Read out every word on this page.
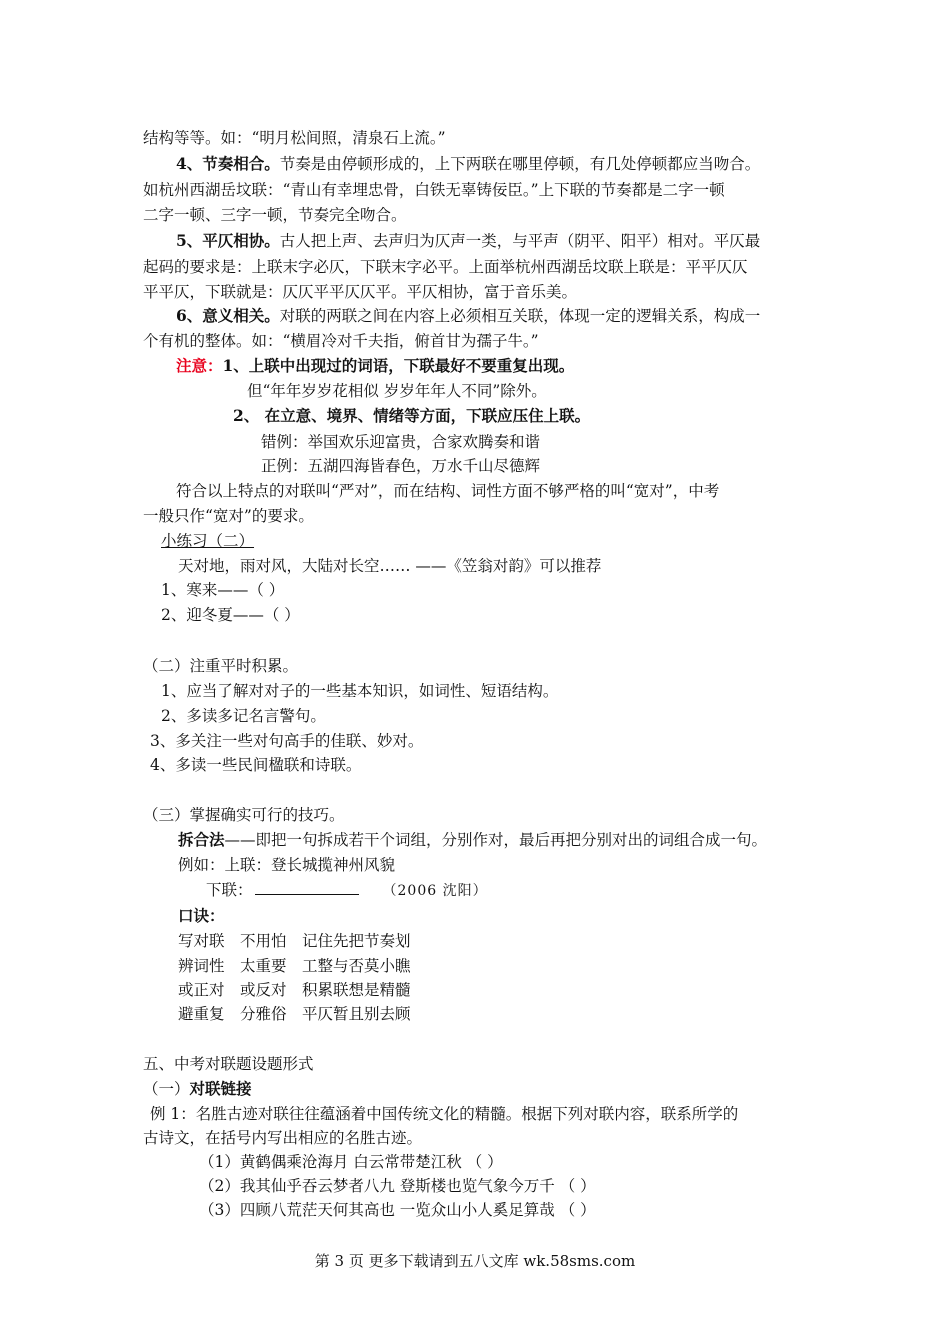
结构等等。如：“明月松间照，清泉石上流。”
4、节奏相合。节奏是由停顿形成的，上下两联在哪里停顿，有几处停顿都应当吻合。
如杭州西湖岳坟联：“青山有幸埋忠骨，白铁无辜铸佞臣。”上下联的节奏都是二字一顿
二字一顿、三字一顿，节奏完全吻合。
5、平仄相协。古人把上声、去声归为仄声一类，与平声（阴平、阳平）相对。平仄最
起码的要求是：上联末字必仄，下联末字必平。上面举杭州西湖岳坟联上联是：平平仄仄
平平仄，下联就是：仄仄平平仄仄平。平仄相协，富于音乐美。
6、意义相关。对联的两联之间在内容上必须相互关联，体现一定的逻辑关系，构成一
个有机的整体。如：“横眉冷对千夫指，俯首甘为孺子牛。”
注意：1、上联中出现过的词语，下联最好不要重复出现。
但“年年岁岁花相似 岁岁年年人不同”除外。
2、 在立意、境界、情绪等方面，下联应压住上联。
错例：举国欢乐迎富贵，合家欢腾奏和谐
正例：五湖四海皆春色，万水千山尽德辉
符合以上特点的对联叫“严对”，而在结构、词性方面不够严格的叫“宽对”，中考
一般只作“宽对”的要求。
小练习（二）
天对地，雨对风，大陆对长空…… ——《笠翁对韵》可以推荐
1、寒来——（ ）
2、迎冬夏——（ ）
（二）注重平时积累。
1、应当了解对对子的一些基本知识，如词性、短语结构。
2、多读多记名言警句。
3、多关注一些对句高手的佳联、妙对。
4、多读一些民间楹联和诗联。
（三）掌握确实可行的技巧。
拆合法——即把一句拆成若干个词组，分别作对，最后再把分别对出的词组合成一句。
例如：上联：登长城揽神州风貌
下联：	（2006 沈阳）
口诀：
写对联　不用怕　记住先把节奏划
辨词性　太重要　工整与否莫小瞧
或正对　或反对　积累联想是精髓
避重复　分雅俗　平仄暂且别去顾
五、中考对联题设题形式
（一）对联链接
例 1：名胜古迹对联往往蕴涵着中国传统文化的精髓。根据下列对联内容，联系所学的
古诗文，在括号内写出相应的名胜古迹。
（1）黄鹤偶乘沧海月 白云常带楚江秋 （ ）
（2）我其仙乎吞云梦者八九 登斯楼也览气象今万千 （ ）
（3）四顾八荒茫天何其高也 一览众山小人奚足算哉 （ ）
第 3 页 更多下载请到五八文库 wk.58sms.com
